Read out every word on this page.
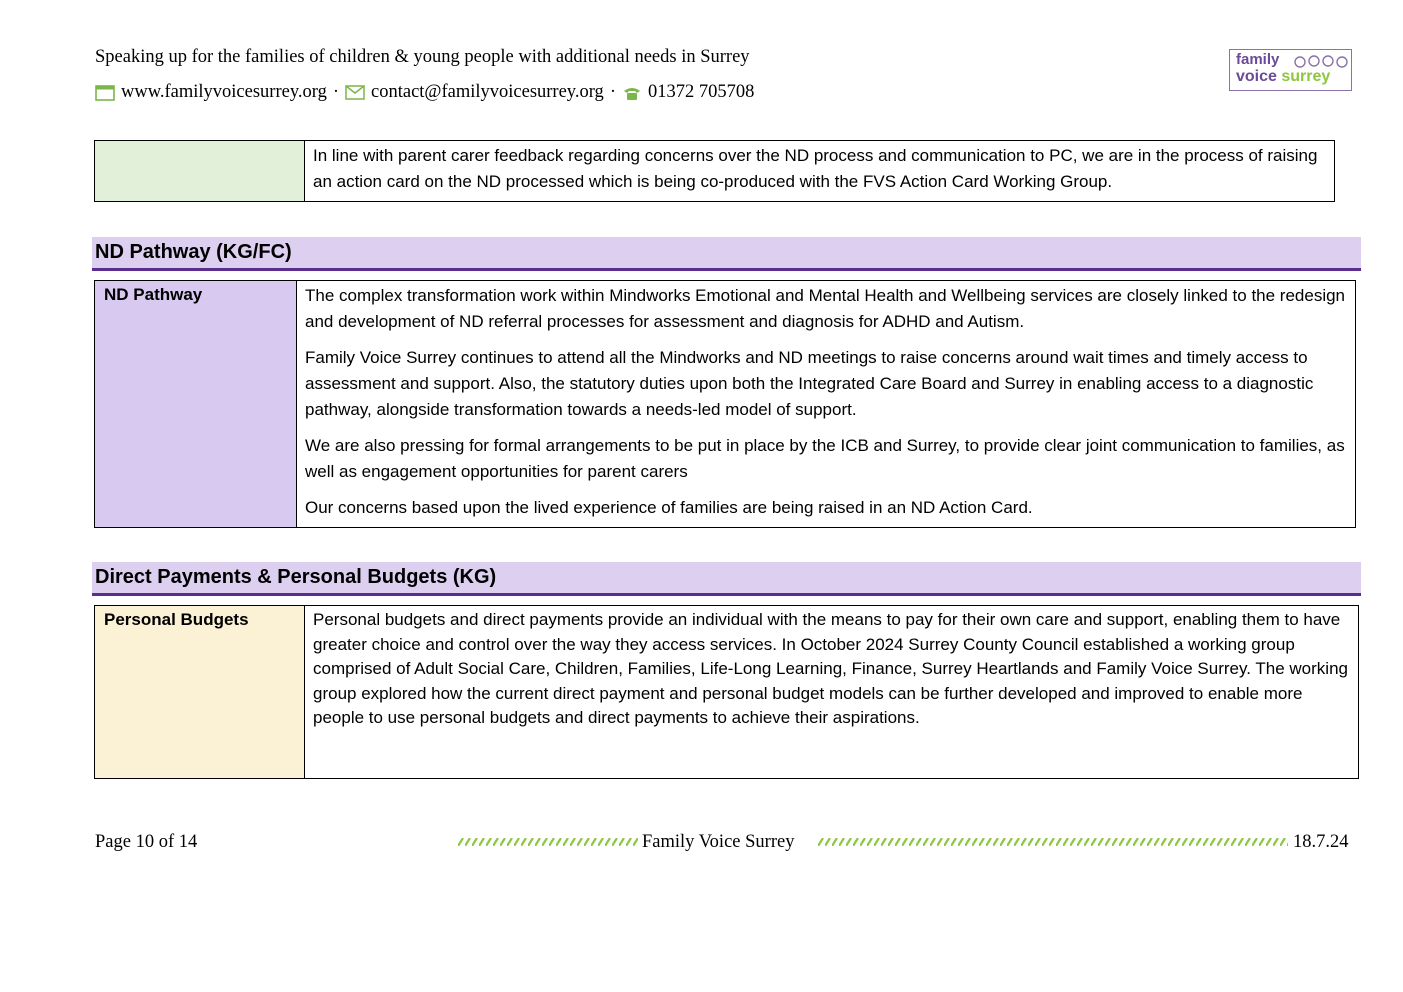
Speaking up for the families of children & young people with additional needs in Surrey
www.familyvoicesurrey.org · contact@familyvoicesurrey.org · 01372 705708
family
voice surrey

In line with parent carer feedback regarding concerns over the ND process and communication to PC, we are in the process of raising an action card on the ND processed which is being co-produced with the FVS Action Card Working Group.

ND Pathway (KG/FC)
ND Pathway	The complex transformation work within Mindworks Emotional and Mental Health and Wellbeing services are closely linked to the redesign and development of ND referral processes for assessment and diagnosis for ADHD and Autism.

Family Voice Surrey continues to attend all the Mindworks and ND meetings to raise concerns around wait times and timely access to assessment and support. Also, the statutory duties upon both the Integrated Care Board and Surrey in enabling access to a diagnostic pathway, alongside transformation towards a needs-led model of support.

We are also pressing for formal arrangements to be put in place by the ICB and Surrey, to provide clear joint communication to families, as well as engagement opportunities for parent carers

Our concerns based upon the lived experience of families are being raised in an ND Action Card.

Direct Payments & Personal Budgets (KG)
Personal Budgets	Personal budgets and direct payments provide an individual with the means to pay for their own care and support, enabling them to have greater choice and control over the way they access services. In October 2024 Surrey County Council established a working group comprised of Adult Social Care, Children, Families, Life-Long Learning, Finance, Surrey Heartlands and Family Voice Surrey. The working group explored how the current direct payment and personal budget models can be further developed and improved to enable more people to use personal budgets and direct payments to achieve their aspirations.

Page 10 of 14	Family Voice Surrey	18.7.24
